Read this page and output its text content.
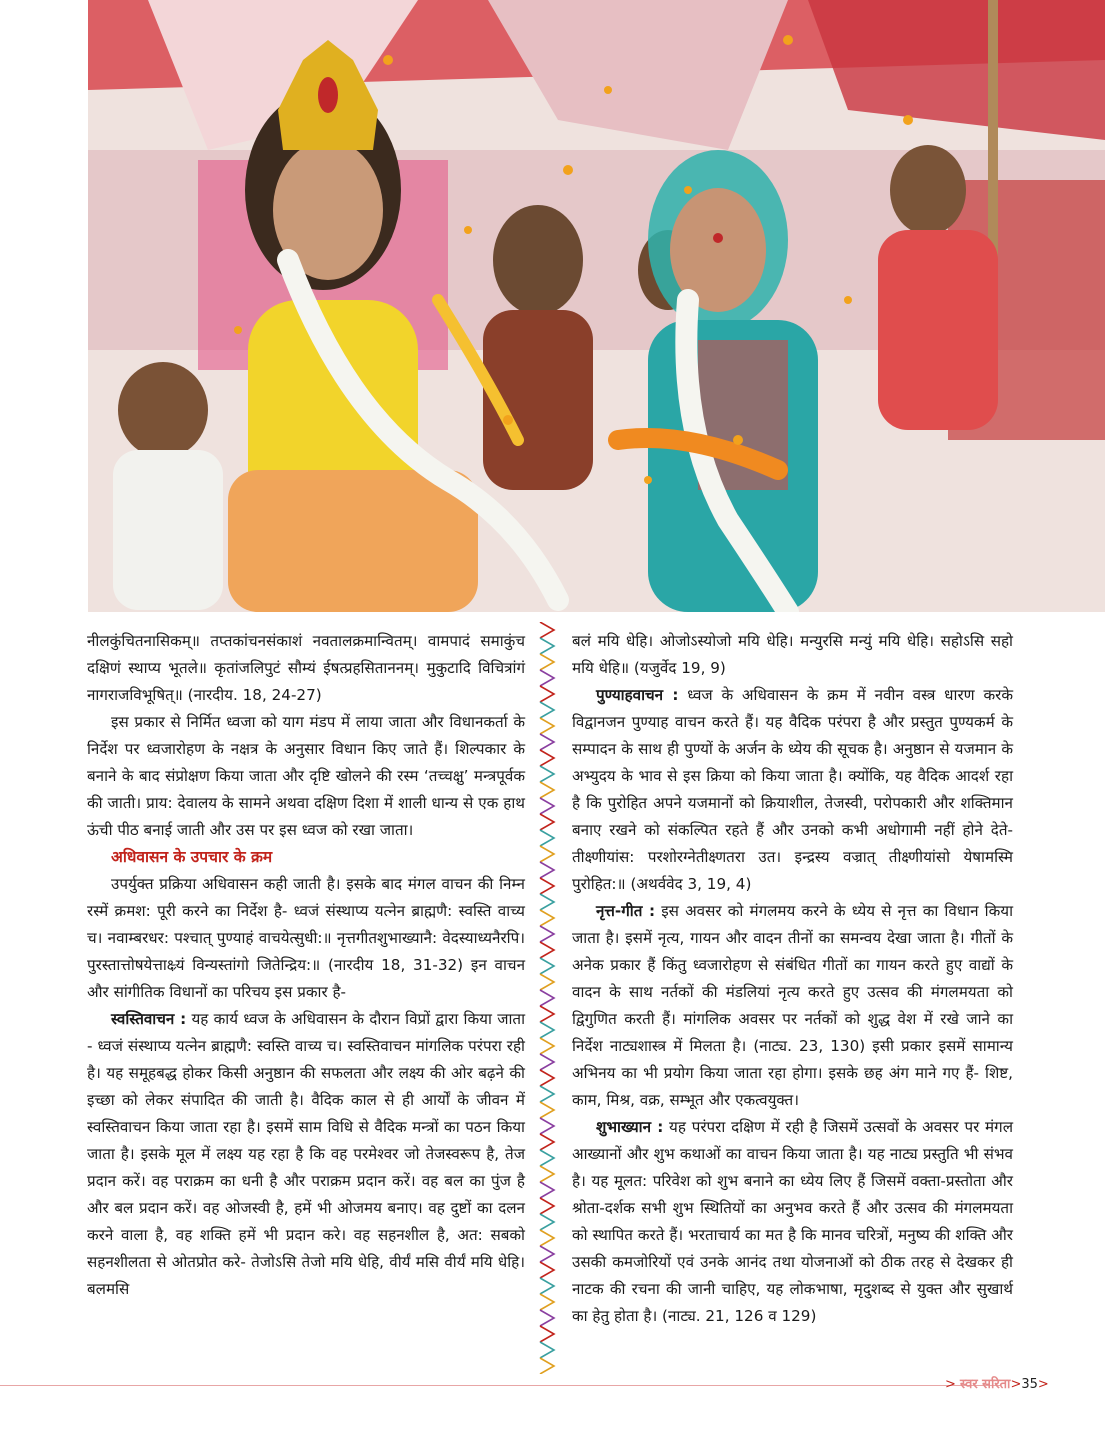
नीलकुंचितनासिकम्॥ तप्तकांचनसंकाशं नवतालक्रमान्वितम्। वामपादं समाकुंच दक्षिणं स्थाप्य भूतले॥ कृतांजलिपुटं सौम्यं ईषत्प्रहसिताननम्। मुकुटादि विचित्रांगं नागराजविभूषित्॥ (नारदीय. 18, 24-27)

इस प्रकार से निर्मित ध्वजा को याग मंडप में लाया जाता और विधानकर्ता के निर्देश पर ध्वजारोहण के नक्षत्र के अनुसार विधान किए जाते हैं। शिल्पकार के बनाने के बाद संप्रोक्षण किया जाता और दृष्टि खोलने की रस्म ‘तच्चक्षु’ मन्त्रपूर्वक की जाती। प्राय: देवालय के सामने अथवा दक्षिण दिशा में शाली धान्य से एक हाथ ऊंची पीठ बनाई जाती और उस पर इस ध्वज को रखा जाता।

अधिवासन के उपचार के क्रम

उपर्युक्त प्रक्रिया अधिवासन कही जाती है। इसके बाद मंगल वाचन की निम्न रस्में क्रमश: पूरी करने का निर्देश है- ध्वजं संस्थाप्य यत्नेन ब्राह्मणै: स्वस्ति वाच्य च। नवाम्बरधर: पश्चात् पुण्याहं वाचयेत्सुधी:॥ नृत्तगीतशुभाख्यानै: वेदस्याध्यनैरपि। पुरस्तात्तोषयेत्ताक्ष्र्यं विन्यस्तांगो जितेन्द्रिय:॥ (नारदीय 18, 31-32) इन वाचन और सांगीतिक विधानों का परिचय इस प्रकार है-

स्वस्तिवाचन : यह कार्य ध्वज के अधिवासन के दौरान विप्रों द्वारा किया जाता - ध्वजं संस्थाप्य यत्नेन ब्राह्मणै: स्वस्ति वाच्य च। स्वस्तिवाचन मांगलिक परंपरा रही है। यह समूहबद्ध होकर किसी अनुष्ठान की सफलता और लक्ष्य की ओर बढ़ने की इच्छा को लेकर संपादित की जाती है। वैदिक काल से ही आर्यों के जीवन में स्वस्तिवाचन किया जाता रहा है। इसमें साम विधि से वैदिक मन्त्रों का पठन किया जाता है। इसके मूल में लक्ष्य यह रहा है कि वह परमेश्वर जो तेजस्वरूप है, तेज प्रदान करें। वह पराक्रम का धनी है और पराक्रम प्रदान करें। वह बल का पुंज है और बल प्रदान करें। वह ओजस्वी है, हमें भी ओजमय बनाए। वह दुष्टों का दलन करने वाला है, वह शक्ति हमें भी प्रदान करे। वह सहनशील है, अत: सबको सहनशीलता से ओतप्रोत करे- तेजोऽसि तेजो मयि धेहि, वीर्यं मसि वीर्यं मयि धेहि। बलमसि

बलं मयि धेहि। ओजोऽस्योजो मयि धेहि। मन्युरसि मन्युं मयि धेहि। सहोऽसि सहो मयि धेहि॥ (यजुर्वेद 19, 9)

पुण्याहवाचन : ध्वज के अधिवासन के क्रम में नवीन वस्त्र धारण करके विद्वानजन पुण्याह वाचन करते हैं। यह वैदिक परंपरा है और प्रस्तुत पुण्यकर्म के सम्पादन के साथ ही पुण्यों के अर्जन के ध्येय की सूचक है। अनुष्ठान से यजमान के अभ्युदय के भाव से इस क्रिया को किया जाता है। क्योंकि, यह वैदिक आदर्श रहा है कि पुरोहित अपने यजमानों को क्रियाशील, तेजस्वी, परोपकारी और शक्तिमान बनाए रखने को संकल्पित रहते हैं और उनको कभी अधोगामी नहीं होने देते- तीक्ष्णीयांस: परशोरग्नेतीक्ष्णतरा उत। इन्द्रस्य वज्रात् तीक्ष्णीयांसो येषामस्मि पुरोहित:॥ (अथर्ववेद 3, 19, 4)

नृत्त-गीत : इस अवसर को मंगलमय करने के ध्येय से नृत्त का विधान किया जाता है। इसमें नृत्य, गायन और वादन तीनों का समन्वय देखा जाता है। गीतों के अनेक प्रकार हैं किंतु ध्वजारोहण से संबंधित गीतों का गायन करते हुए वाद्यों के वादन के साथ नर्तकों की मंडलियां नृत्य करते हुए उत्सव की मंगलमयता को द्विगुणित करती हैं। मांगलिक अवसर पर नर्तकों को शुद्ध वेश में रखे जाने का निर्देश नाट्यशास्त्र में मिलता है। (नाट्य. 23, 130) इसी प्रकार इसमें सामान्य अभिनय का भी प्रयोग किया जाता रहा होगा। इसके छह अंग माने गए हैं- शिष्ट, काम, मिश्र, वक्र, सम्भूत और एकत्वयुक्त।

शुभाख्यान : यह परंपरा दक्षिण में रही है जिसमें उत्सवों के अवसर पर मंगल आख्यानों और शुभ कथाओं का वाचन किया जाता है। यह नाट्य प्रस्तुति भी संभव है। यह मूलत: परिवेश को शुभ बनाने का ध्येय लिए हैं जिसमें वक्ता-प्रस्तोता और श्रोता-दर्शक सभी शुभ स्थितियों का अनुभव करते हैं और उत्सव की मंगलमयता को स्थापित करते हैं। भरताचार्य का मत है कि मानव चरित्रों, मनुष्य की शक्ति और उसकी कमजोरियों एवं उनके आनंद तथा योजनाओं को ठीक तरह से देखकर ही नाटक की रचना की जानी चाहिए, यह लोकभाषा, मृदुशब्द से युक्त और सुखार्थ का हेतु होता है। (नाट्य. 21, 126 व 129)

> स्वर सरिता>35>
